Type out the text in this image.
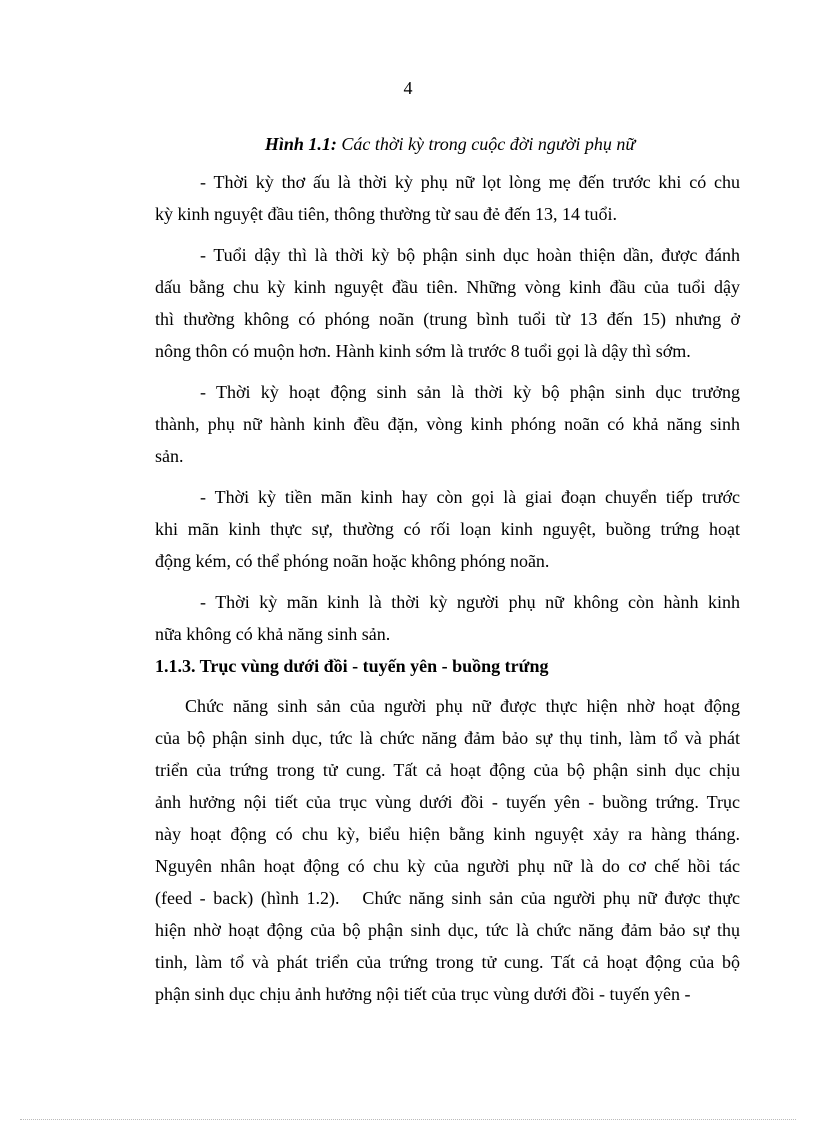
4
Hình 1.1: Các thời kỳ trong cuộc đời người phụ nữ
- Thời kỳ thơ ấu là thời kỳ phụ nữ lọt lòng mẹ đến trước khi có chu
kỳ kinh nguyệt đầu tiên, thông thường từ sau đẻ đến 13, 14 tuổi.
- Tuổi dậy thì là thời kỳ bộ phận sinh dục hoàn thiện dần, được đánh
dấu bằng chu kỳ kinh nguyệt đầu tiên. Những vòng kinh đầu của tuổi dậy
thì thường không có phóng noãn (trung bình tuổi từ 13 đến 15) nhưng ở
nông thôn có muộn hơn. Hành kinh sớm là trước 8 tuổi gọi là dậy thì sớm.
- Thời kỳ hoạt động sinh sản là thời kỳ bộ phận sinh dục trưởng
thành, phụ nữ hành kinh đều đặn, vòng kinh phóng noãn có khả năng sinh
sản.
- Thời kỳ tiền mãn kinh hay còn gọi là giai đoạn chuyển tiếp trước
khi mãn kinh thực sự, thường có rối loạn kinh nguyệt, buồng trứng hoạt
động kém, có thể phóng noãn hoặc không phóng noãn.
- Thời kỳ mãn kinh là thời kỳ người phụ nữ không còn hành kinh
nữa không có khả năng sinh sản.
1.1.3. Trục vùng dưới đồi - tuyến yên - buồng trứng
Chức năng sinh sản của người phụ nữ được thực hiện nhờ hoạt động
của bộ phận sinh dục, tức là chức năng đảm bảo sự thụ tinh, làm tổ và phát
triển của trứng trong tử cung. Tất cả hoạt động của bộ phận sinh dục chịu
ảnh hưởng nội tiết của trục vùng dưới đồi - tuyến yên - buồng trứng. Trục
này hoạt động có chu kỳ, biểu hiện bằng kinh nguyệt xảy ra hàng tháng.
Nguyên nhân hoạt động có chu kỳ của người phụ nữ là do cơ chế hồi tác
(feed - back) (hình 1.2).   Chức năng sinh sản của người phụ nữ được thực
hiện nhờ hoạt động của bộ phận sinh dục, tức là chức năng đảm bảo sự thụ
tinh, làm tổ và phát triển của trứng trong tử cung. Tất cả hoạt động của bộ
phận sinh dục chịu ảnh hưởng nội tiết của trục vùng dưới đồi - tuyến yên -
